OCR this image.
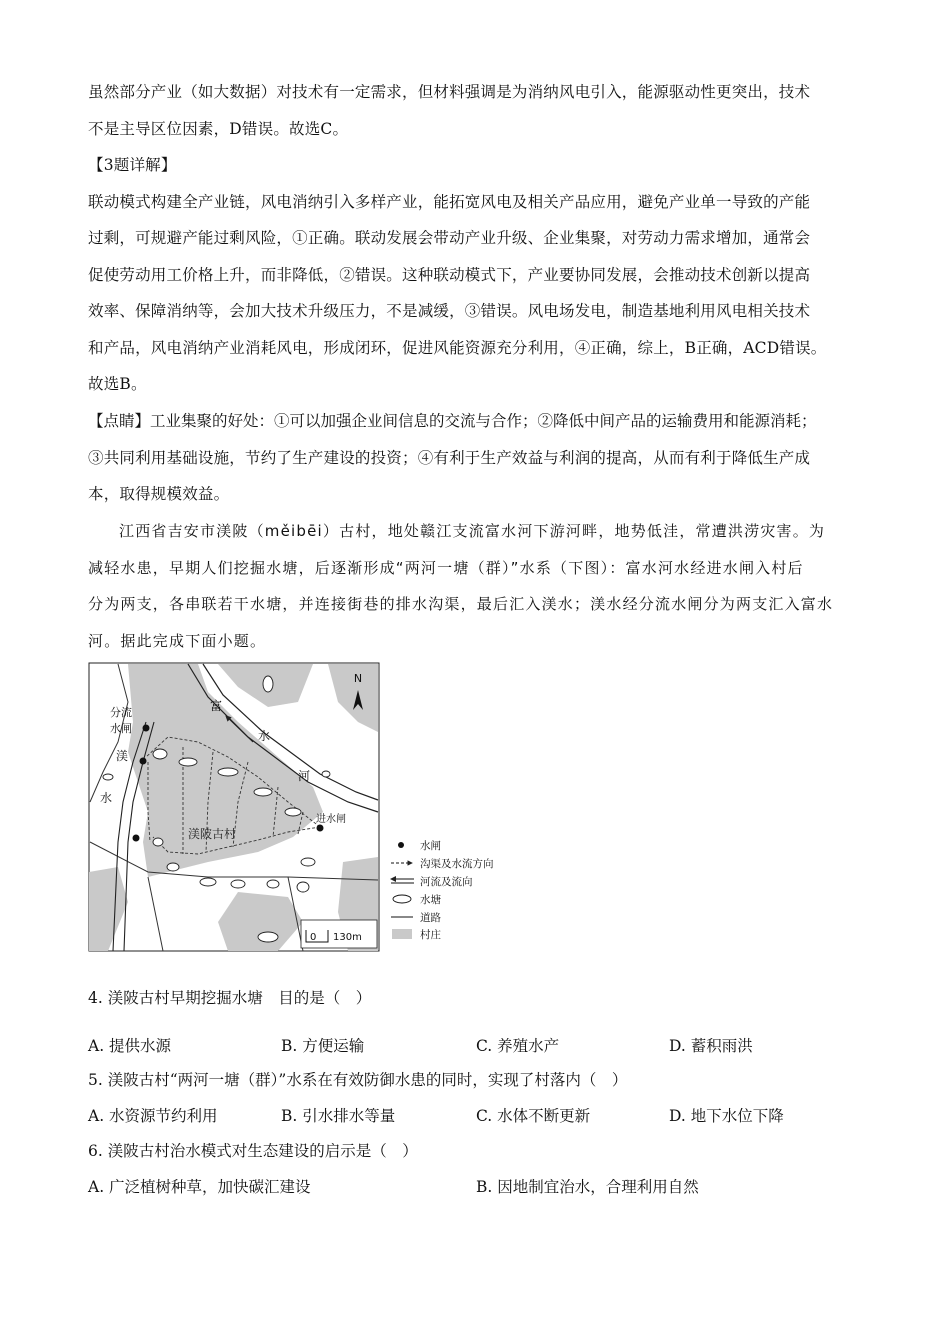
虽然部分产业（如大数据）对技术有一定需求，但材料强调是为消纳风电引入，能源驱动性更突出，技术
不是主导区位因素，D错误。故选C。

【3题详解】
联动模式构建全产业链，风电消纳引入多样产业，能拓宽风电及相关产品应用，避免产业单一导致的产能
过剩，可规避产能过剩风险，①正确。联动发展会带动产业升级、企业集聚，对劳动力需求增加，通常会
促使劳动用工价格上升，而非降低，②错误。这种联动模式下，产业要协同发展，会推动技术创新以提高
效率、保障消纳等，会加大技术升级压力，不是减缓，③错误。风电场发电，制造基地利用风电相关技术
和产品，风电消纳产业消耗风电，形成闭环，促进风能资源充分利用，④正确，综上，B正确，ACD错误。
故选B。

【点睛】工业集聚的好处：①可以加强企业间信息的交流与合作；②降低中间产品的运输费用和能源消耗；
③共同利用基础设施，节约了生产建设的投资；④有利于生产效益与利润的提高，从而有利于降低生产成
本，取得规模效益。

江西省吉安市渼陂（měibēi）古村，地处赣江支流富水河下游河畔，地势低洼，常遭洪涝灾害。为
减轻水患，早期人们挖掘水塘，后逐渐形成“两河一塘（群）”水系（下图）：富水河水经进水闸入村后
分为两支，各串联若干水塘，并连接街巷的排水沟渠，最后汇入渼水；渼水经分流水闸分为两支汇入富水
河。据此完成下面小题。

N
富
水
河
渼
水
分流
水闸
进水闸
渼陂古村
0 130m
水闸
沟渠及水流方向
河流及流向
水塘
道路
村庄
4. 渼陂古村早期挖掘水塘　目的是（　）
A. 提供水源	B. 方便运输	C. 养殖水产	D. 蓄积雨洪
5. 渼陂古村“两河一塘（群）”水系在有效防御水患的同时，实现了村落内（　）
A. 水资源节约利用	B. 引水排水等量	C. 水体不断更新	D. 地下水位下降
6. 渼陂古村治水模式对生态建设的启示是（　）
A. 广泛植树种草，加快碳汇建设	B. 因地制宜治水，合理利用自然
